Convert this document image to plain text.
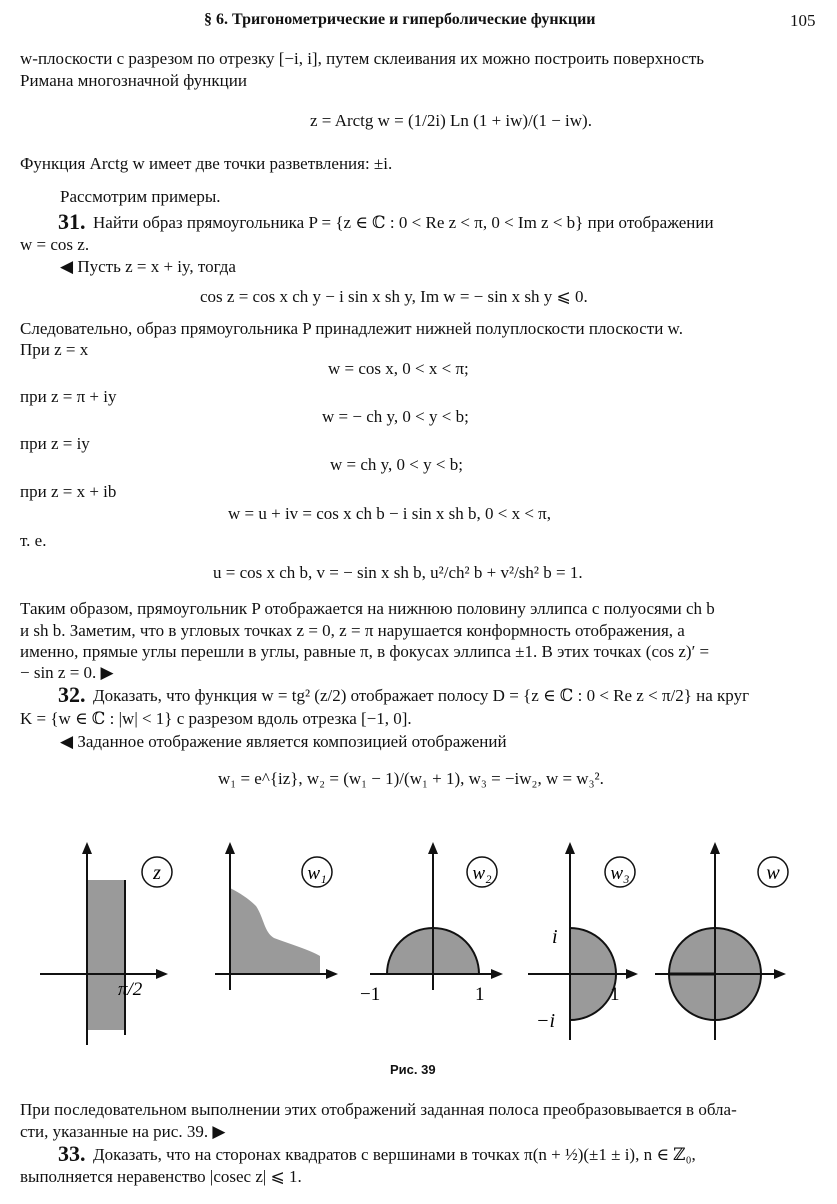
§ 6. Тригонометрические и гиперболические функции	105
w-плоскости с разрезом по отрезку [−i, i], путем склеивания их можно построить поверхность
Римана многозначной функции
z = Arctg w = (1/2i) Ln (1 + iw)/(1 − iw).
Функция Arctg w имеет две точки разветвления: ±i.
Рассмотрим примеры.
31. Найти образ прямоугольника P = {z ∈ ℂ : 0 < Re z < π, 0 < Im z < b} при отображении
w = cos z.
◀ Пусть z = x + iy, тогда
cos z = cos x ch y − i sin x sh y, Im w = − sin x sh y ⩽ 0.
Следовательно, образ прямоугольника P принадлежит нижней полуплоскости плоскости w.
При z = x
w = cos x, 0 < x < π;
при z = π + iy
w = − ch y, 0 < y < b;
при z = iy
w = ch y, 0 < y < b;
при z = x + ib
w = u + iv = cos x ch b − i sin x sh b, 0 < x < π,
т. е.
u = cos x ch b, v = − sin x sh b, u²/ch² b + v²/sh² b = 1.
Таким образом, прямоугольник P отображается на нижнюю половину эллипса с полуосями ch b
и sh b. Заметим, что в угловых точках z = 0, z = π нарушается конформность отображения, а
именно, прямые углы перешли в углы, равные π, в фокусах эллипса ±1. В этих точках (cos z)′ =
− sin z = 0. ▶
32. Доказать, что функция w = tg² (z/2) отображает полосу D = {z ∈ ℂ : 0 < Re z < π/2} на круг
K = {w ∈ ℂ : |w| < 1} с разрезом вдоль отрезка [−1, 0].
◀ Заданное отображение является композицией отображений
w₁ = e^{iz}, w₂ = (w₁ − 1)/(w₁ + 1), w₃ = −iw₂, w = w₃².
z
π/2
w₁	w₂
−1	1
w₃
i
−i
1
w
Рис. 39
При последовательном выполнении этих отображений заданная полоса преобразовывается в обла-
сти, указанные на рис. 39. ▶
33. Доказать, что на сторонах квадратов с вершинами в точках π(n + ½)(±1 ± i), n ∈ ℤ₀,
выполняется неравенство |cosec z| ⩽ 1.
